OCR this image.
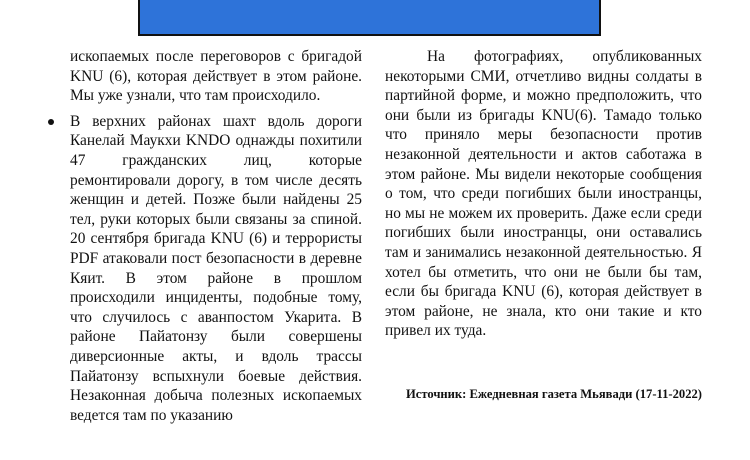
ископаемых после переговоров с бригадой KNU (6), которая действует в этом районе. Мы уже узнали, что там происходило.

В верхних районах шахт вдоль дороги Канелай Маукхи KNDO однажды похитили 47 гражданских лиц, которые ремонтировали дорогу, в том числе десять женщин и детей. Позже были найдены 25 тел, руки которых были связаны за спиной. 20 сентября бригада KNU (6) и террористы PDF атаковали пост безопасности в деревне Кяит. В этом районе в прошлом происходили инциденты, подобные тому, что случилось с аванпостом Укарита. В районе Пайатонзу были совершены диверсионные акты, и вдоль трассы Пайатонзу вспыхнули боевые действия. Незаконная добыча полезных ископаемых ведется там по указанию

На фотографиях, опубликованных некоторыми СМИ, отчетливо видны солдаты в партийной форме, и можно предположить, что они были из бригады KNU(6). Тамадо только что приняло меры безопасности против незаконной деятельности и актов саботажа в этом районе. Мы видели некоторые сообщения о том, что среди погибших были иностранцы, но мы не можем их проверить. Даже если среди погибших были иностранцы, они оставались там и занимались незаконной деятельностью. Я хотел бы отметить, что они не были бы там, если бы бригада KNU (6), которая действует в этом районе, не знала, кто они такие и кто привел их туда.

Источник: Ежедневная газета Мьявади (17-11-2022)
